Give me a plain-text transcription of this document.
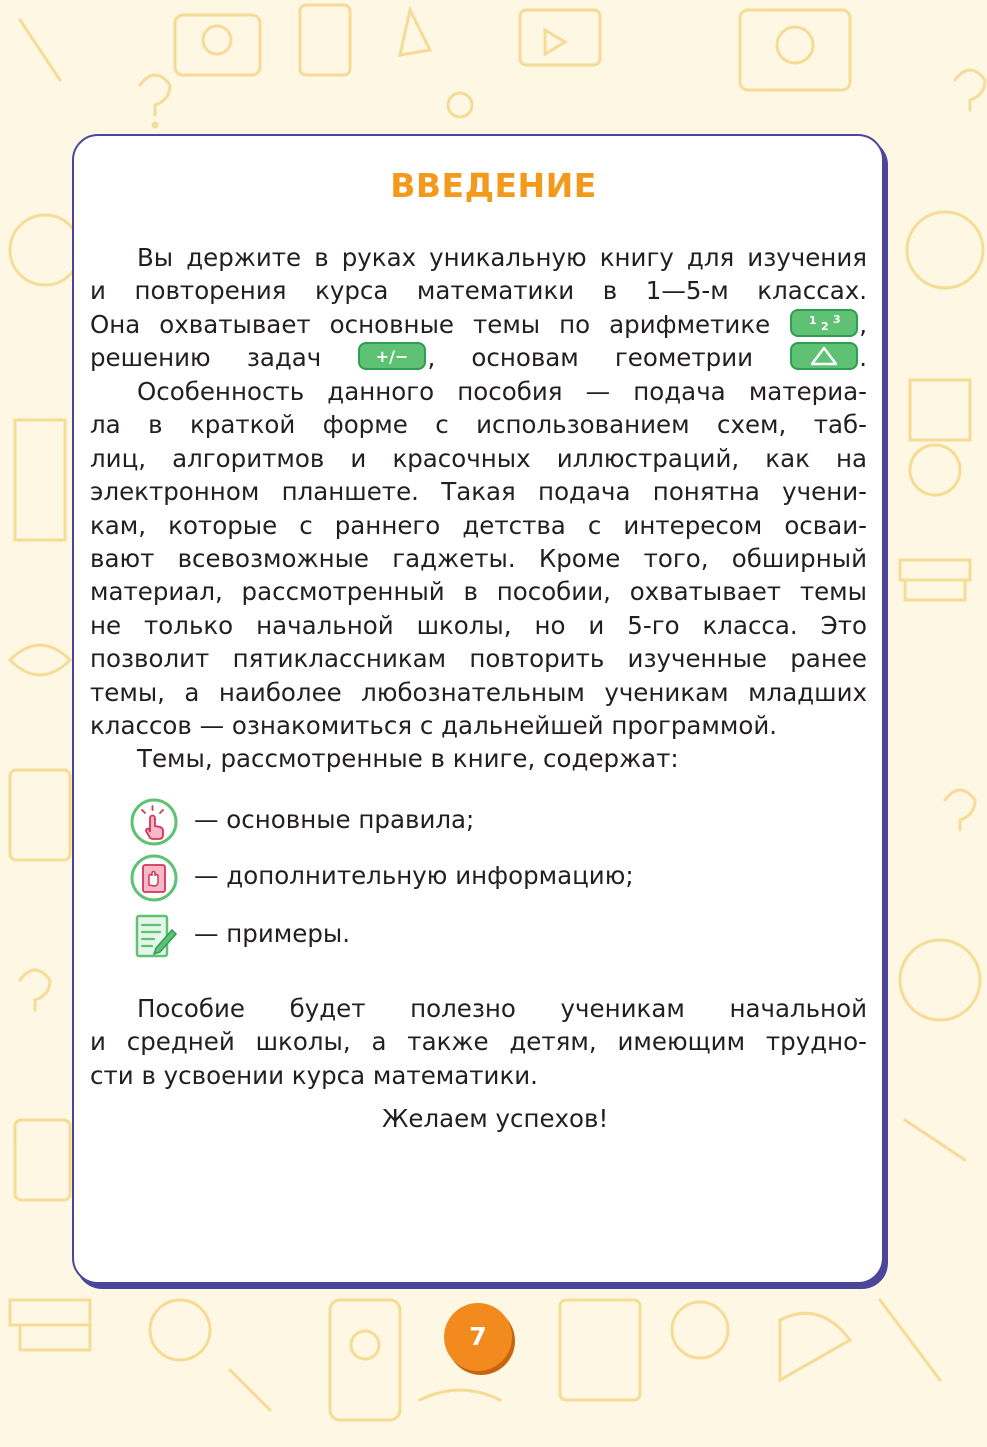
ВВЕДЕНИЕ
Вы держите в руках уникальную книгу для изучения
и повторения курса математики в 1—5-м классах.
Она охватывает основные темы по арифметике	1 2
3 ,
решению задач	+/− , основам геометрии	.
Особенность данного пособия — подача материа-
ла в краткой форме с использованием схем, таб-
лиц, алгоритмов и красочных иллюстраций, как на
электронном планшете. Такая подача понятна учени-
кам, которые с раннего детства с интересом осваи-
вают всевозможные гаджеты. Кроме того, обширный
материал, рассмотренный в пособии, охватывает темы
не только начальной школы, но и 5-го класса. Это
позволит пятиклассникам повторить изученные ранее
темы, а наиболее любознательным ученикам младших
классов — ознакомиться с дальнейшей программой.
Темы, рассмотренные в книге, содержат:
— основные правила;
— дополнительную информацию;
— примеры.
Пособие будет полезно ученикам начальной
и средней школы, а также детям, имеющим трудно-
сти в усвоении курса математики.
Желаем успехов!
7
